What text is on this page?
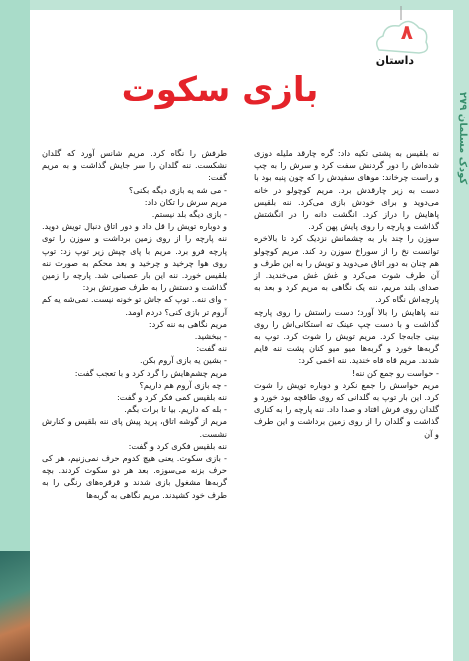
کودک مسلمان ۲۷۹
۸
داستان
بازی سکوت

نه بلقیس به پشتی تکیه داد: گره چارقد ملیله دوزی شده‌اش را دور گردنش سفت کرد و سرش را به چپ و راست چرخاند: موهای سفیدش را که چون پنبه بود با دست به زیر چارقدش برد. مریم کوچولو در خانه می‌دوید و برای خودش بازی می‌کرد. ننه بلقیس پاهایش را دراز کرد. انگشت دانه را در انگشتش گذاشت و پارچه را روی پایش پهن کرد.

سوزن را چند بار به چشمانش نزدیک کرد تا بالاخره توانست نخ را از سوراخ سوزن رد کند. مریم کوچولو هم چنان به دور اتاق می‌دوید و تویش را به این طرف و آن طرف شوت می‌کرد و غش غش می‌خندید. از صدای بلند مریم، ننه یک نگاهی به مریم کرد و بعد به پارچه‌اش نگاه کرد.

ننه پاهایش را بالا آورد؛ دست راستش را روی پارچه گذاشت و با دست چپ عینک ته استکانی‌اش را روی بینی جابه‌جا کرد. مریم تویش را شوت کرد. توپ به گربه‌ها خورد و گربه‌ها میو میو کنان پشت ننه قایم شدند. مریم قاه قاه خندید. ننه اخمی کرد:

- حواست رو جمع کن ننه!

مریم حواسش را جمع نکرد و دوباره تویش را شوت کرد. این بار توپ به گلدانی که روی طاقچه بود خورد و گلدان روی فرش افتاد و صدا داد. ننه پارچه را به کناری گذاشت و گلدان را از روی زمین برداشت و این طرف و آن

طرفش را نگاه کرد. مریم شانس آورد که گلدان نشکست. ننه گلدان را سر جایش گذاشت و به مریم گفت:

- می شه یه بازی دیگه بکنی؟

مریم سرش را تکان داد:

- بازی دیگه بلد نیستم.

و دوباره تویش را قل داد و دور اتاق دنبال تویش دوید. ننه پارچه را از روی زمین برداشت و سوزن را توی پارچه فرو برد. مریم با پای چپش زیر توپ زد: توپ روی هوا چرخید و چرخید و بعد محکم به صورت ننه بلقیس خورد. ننه این بار عصبانی شد. پارچه را زمین گذاشت و دستش را به طرف صورتش برد:

- وای ننه.. توپ که جاش تو خونه نیست. نمی‌شه یه کم آروم تر بازی کنی؟ دردم اومد.

مریم نگاهی به ننه کرد:

- ببخشید.

ننه گفت:

- بشین یه بازی آروم بکن.

مریم چشم‌هایش را گرد کرد و با تعجب گفت:

- چه بازی آروم هم داریم؟

ننه بلقیس کمی فکر کرد و گفت:

- بله که داریم. بیا تا برات بگم.

مریم از گوشه اتاق، پرید پیش پای ننه بلقیس و کنارش نشست.

ننه بلقیس فکری کرد و گفت:

- بازی سکوت. یعنی هیچ کدوم حرف نمی‌زنیم، هر کی حرف بزنه می‌سوزه. بعد هر دو سکوت کردند. بچه گربه‌ها مشغول بازی شدند و قرقره‌های رنگی را به طرف خود کشیدند. مریم نگاهی به گربه‌ها
